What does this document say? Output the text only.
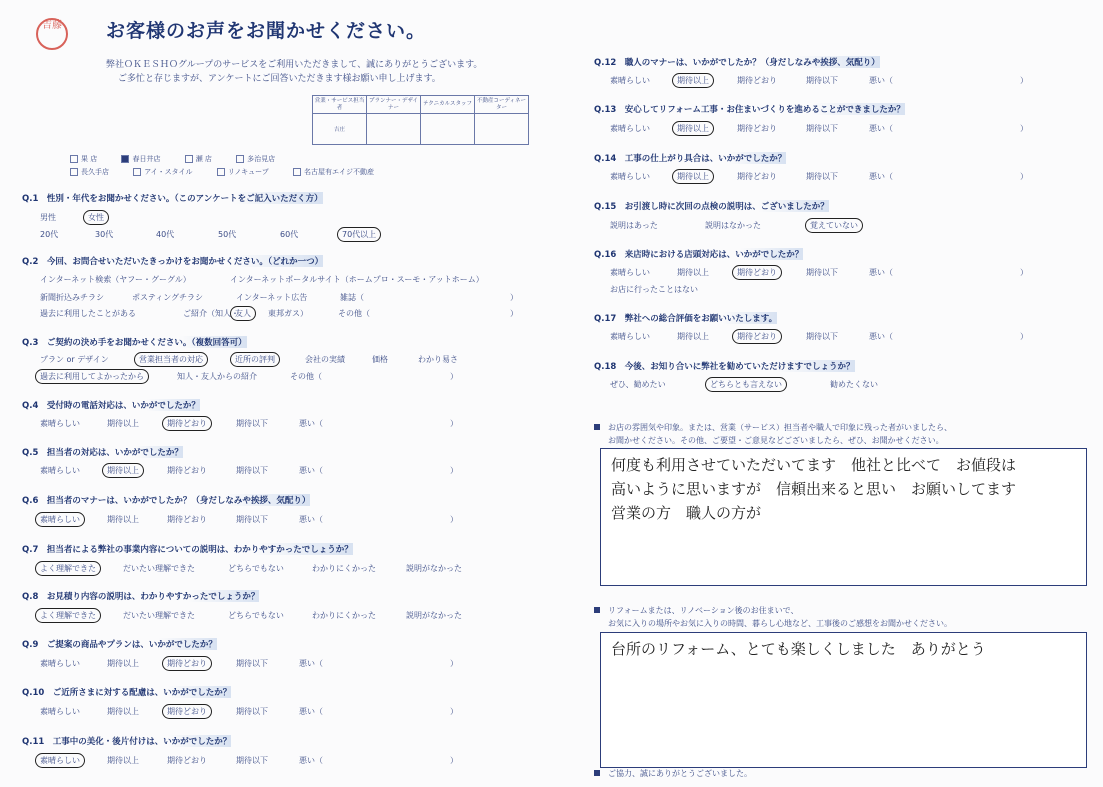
吉藤 お客様のお声をお聞かせください。
弊社ＯＫＥＳＨＯグループのサービスをご利用いただきまして、誠にありがとうございます。
ご多忙と存じますが、アンケートにご回答いただきます様お願い申し上げます。
営業・サービス担当者	プランナー・デザイナー	テクニカルスタッフ	不動産コーディネーター
吉庄			
果 店	春日井店	瀬 店	多治見店
長久手店	アイ・スタイル	リノキューブ	名古屋有エイジ不動産
Q.1　性別・年代をお聞かせください。（このアンケートをご記入いただく方）
男性	女性
20代	30代	40代	50代	60代	70代以上
Q.2　今回、お問合せいただいたきっかけをお聞かせください。（どれか一つ）
インターネット検索（ヤフー・グーグル）	インターネットポータルサイト（ホームプロ・スーモ・アットホーム）
新聞折込みチラシ	ポスティングチラシ	インターネット広告	雑誌（	）
過去に利用したことがある	ご紹介（知人・
友人	東邦ガス）	その他（	）
Q.3　ご契約の決め手をお聞かせください。（複数回答可）
プラン or デザイン	営業担当者の対応	近所の評判	会社の実績	価格	わかり易さ
過去に利用してよかったから	知人・友人からの紹介	その他（	）
Q.4　受付時の電話対応は、いかがでしたか？
素晴らしい	期待以上	期待どおり	期待以下	悪い（	）
Q.5　担当者の対応は、いかがでしたか？
素晴らしい	期待以上	期待どおり	期待以下	悪い（	）
Q.6　担当者のマナーは、いかがでしたか？（身だしなみや挨拶、気配り）
素晴らしい	期待以上	期待どおり	期待以下	悪い（	）
Q.7　担当者による弊社の事業内容についての説明は、わかりやすかったでしょうか？
よく理解できた	だいたい理解できた	どちらでもない	わかりにくかった	説明がなかった
Q.8　お見積り内容の説明は、わかりやすかったでしょうか？
よく理解できた	だいたい理解できた	どちらでもない	わかりにくかった	説明がなかった
Q.9　ご提案の商品やプランは、いかがでしたか？
素晴らしい	期待以上	期待どおり	期待以下	悪い（	）
Q.10　ご近所さまに対する配慮は、いかがでしたか？
素晴らしい	期待以上	期待どおり	期待以下	悪い（	）
Q.11　工事中の美化・後片付けは、いかがでしたか？
素晴らしい	期待以上	期待どおり	期待以下	悪い（	）
Q.12　職人のマナーは、いかがでしたか？（身だしなみや挨拶、気配り）
素晴らしい	期待以上	期待どおり	期待以下	悪い（	）
Q.13　安心してリフォーム工事・お住まいづくりを進めることができましたか？
素晴らしい	期待以上	期待どおり	期待以下	悪い（	）
Q.14　工事の仕上がり具合は、いかがでしたか？
素晴らしい	期待以上	期待どおり	期待以下	悪い（	）
Q.15　お引渡し時に次回の点検の説明は、ございましたか？
説明はあった	説明はなかった	覚えていない
Q.16　来店時における店頭対応は、いかがでしたか？
素晴らしい	期待以上	期待どおり	期待以下	悪い（	）
お店に行ったことはない
Q.17　弊社への総合評価をお願いいたします。
素晴らしい	期待以上	期待どおり	期待以下	悪い（	）
Q.18　今後、お知り合いに弊社を勧めていただけますでしょうか？
ぜひ、勧めたい	どちらとも言えない	勧めたくない
お店の雰囲気や印象。または、営業（サービス）担当者や職人で印象に残った者がいましたら、
お聞かせください。その他、ご要望・ご意見などございましたら、ぜひ、お聞かせください。
何度も利用させていただいてます　他社と比べて　お値段は
高いように思いますが　信頼出来ると思い　お願いしてます
営業の方　職人の方が
リフォームまたは、リノベーション後のお住まいで、
お気に入りの場所やお気に入りの時間、暮らし心地など、工事後のご感想をお聞かせください。
台所のリフォーム、とても楽しくしました　ありがとう
ご協力、誠にありがとうございました。
